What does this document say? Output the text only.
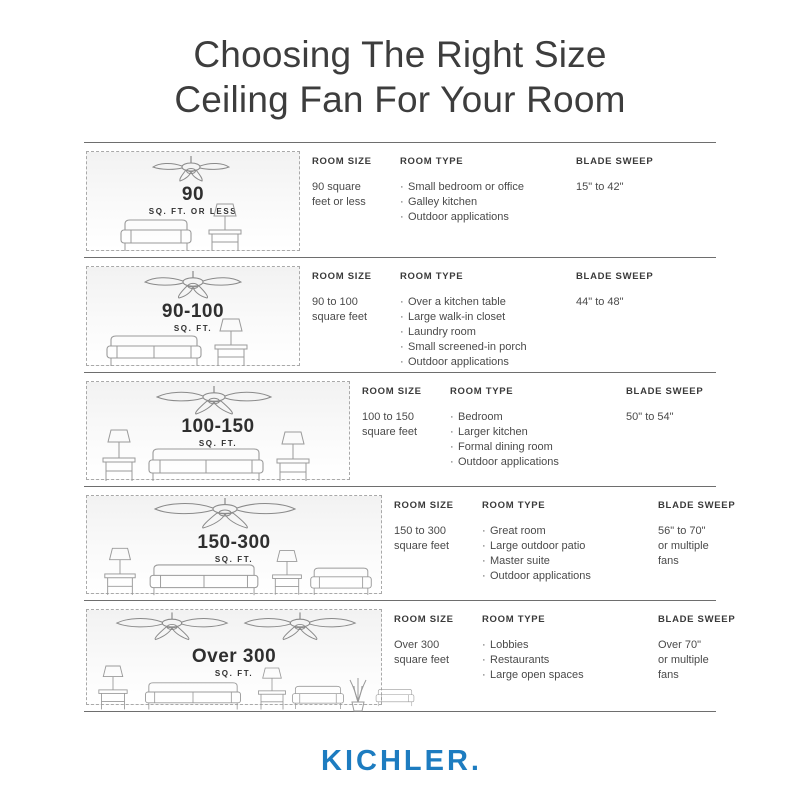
Choosing The Right Size
Ceiling Fan For Your Room
90
SQ. FT. OR LESS
ROOM SIZE
90 square
feet or less
ROOM TYPE
· Small bedroom or office
· Galley kitchen
· Outdoor applications
BLADE SWEEP
15" to 42"
90-100
SQ. FT.
ROOM SIZE
90 to 100
square feet
ROOM TYPE
· Over a kitchen table
· Large walk-in closet
· Laundry room
· Small screened-in porch
· Outdoor applications
BLADE SWEEP
44" to 48"
100-150
SQ. FT.
ROOM SIZE
100 to 150
square feet
ROOM TYPE
· Bedroom
· Larger kitchen
· Formal dining room
· Outdoor applications
BLADE SWEEP
50" to 54"
150-300
SQ. FT.
ROOM SIZE
150 to 300
square feet
ROOM TYPE
· Great room
· Large outdoor patio
· Master suite
· Outdoor applications
BLADE SWEEP
56" to 70"
or multiple
fans
Over 300
SQ. FT.
ROOM SIZE
Over 300
square feet
ROOM TYPE
· Lobbies
· Restaurants
· Large open spaces
BLADE SWEEP
Over 70"
or multiple
fans
KICHLER.
